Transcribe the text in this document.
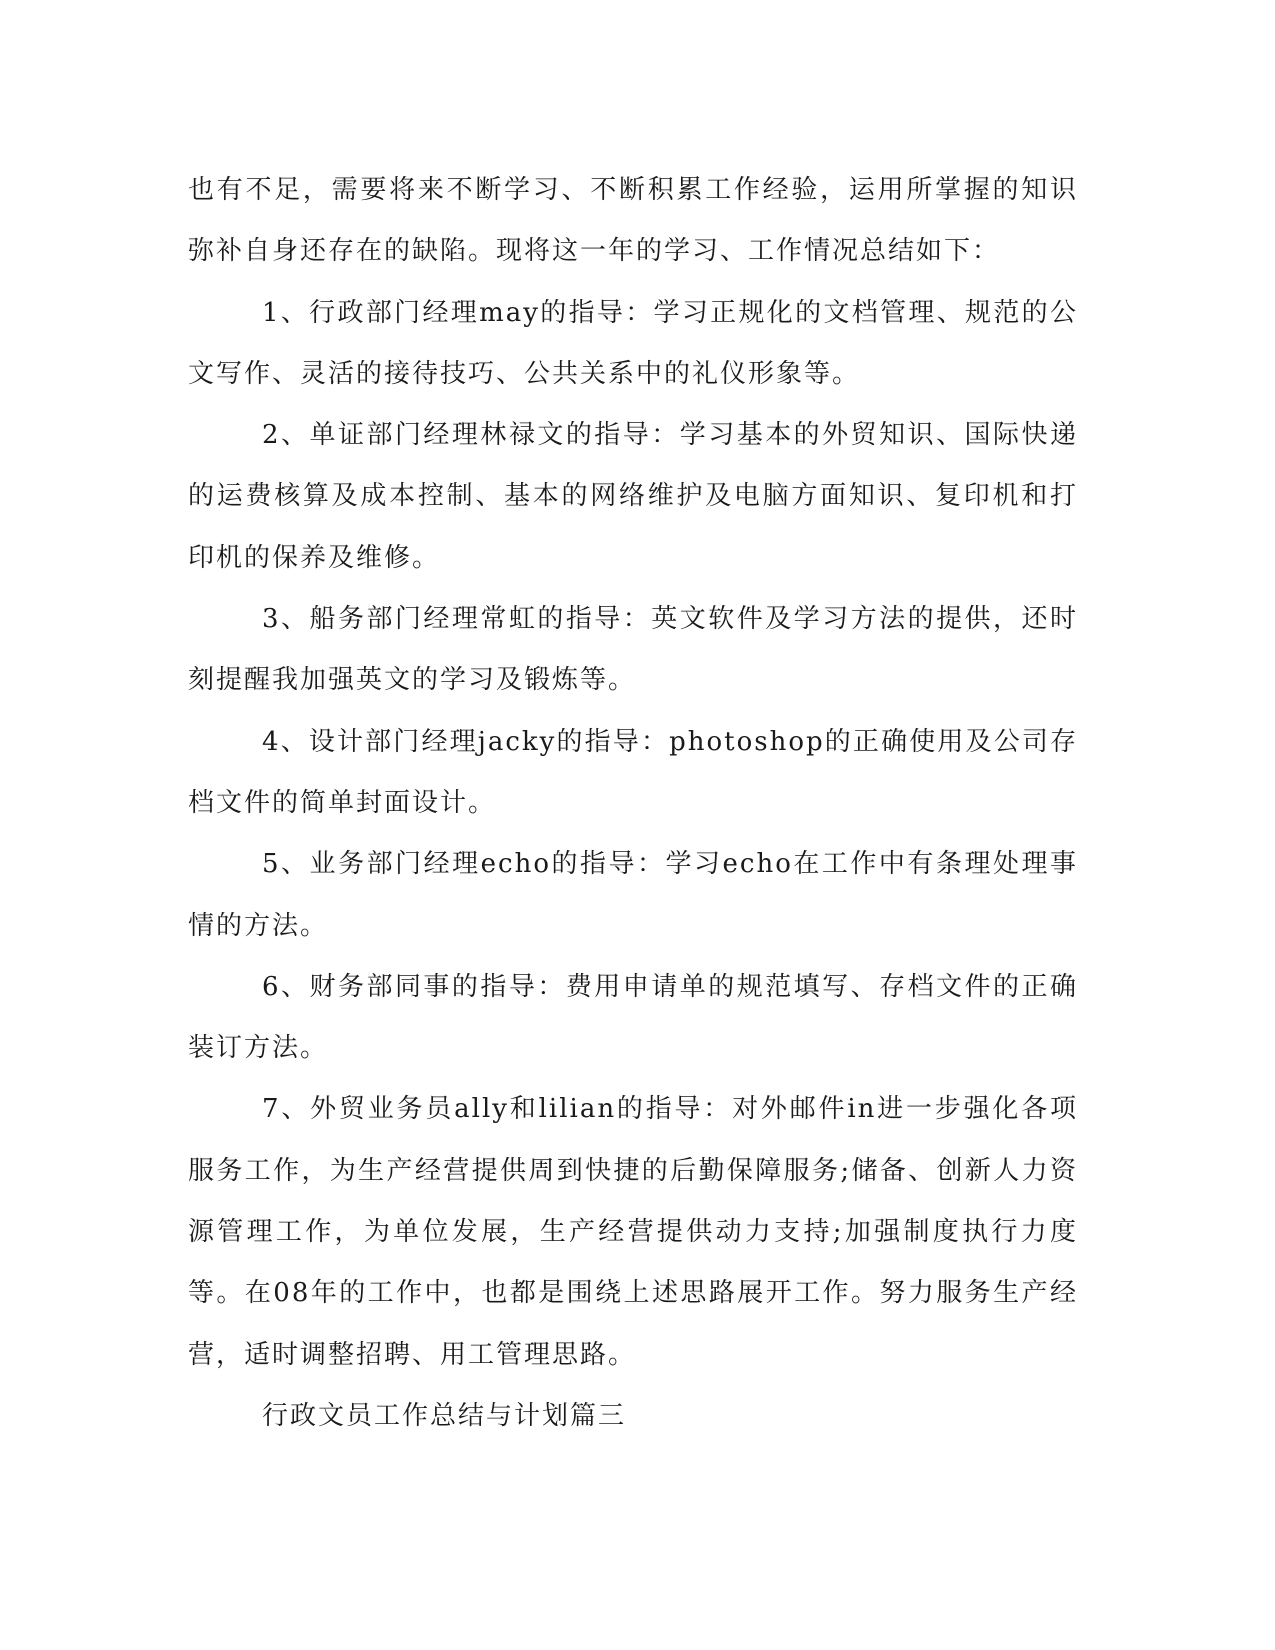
也有不足，需要将来不断学习、不断积累工作经验，运用所掌握的知识弥补自身还存在的缺陷。现将这一年的学习、工作情况总结如下：

1、行政部门经理may的指导：学习正规化的文档管理、规范的公文写作、灵活的接待技巧、公共关系中的礼仪形象等。

2、单证部门经理林禄文的指导：学习基本的外贸知识、国际快递的运费核算及成本控制、基本的网络维护及电脑方面知识、复印机和打印机的保养及维修。

3、船务部门经理常虹的指导：英文软件及学习方法的提供，还时刻提醒我加强英文的学习及锻炼等。

4、设计部门经理jacky的指导：photoshop的正确使用及公司存档文件的简单封面设计。

5、业务部门经理echo的指导：学习echo在工作中有条理处理事情的方法。

6、财务部同事的指导：费用申请单的规范填写、存档文件的正确装订方法。

7、外贸业务员ally和lilian的指导：对外邮件in进一步强化各项服务工作，为生产经营提供周到快捷的后勤保障服务;储备、创新人力资源管理工作，为单位发展，生产经营提供动力支持;加强制度执行力度等。在08年的工作中，也都是围绕上述思路展开工作。努力服务生产经营，适时调整招聘、用工管理思路。

行政文员工作总结与计划篇三
